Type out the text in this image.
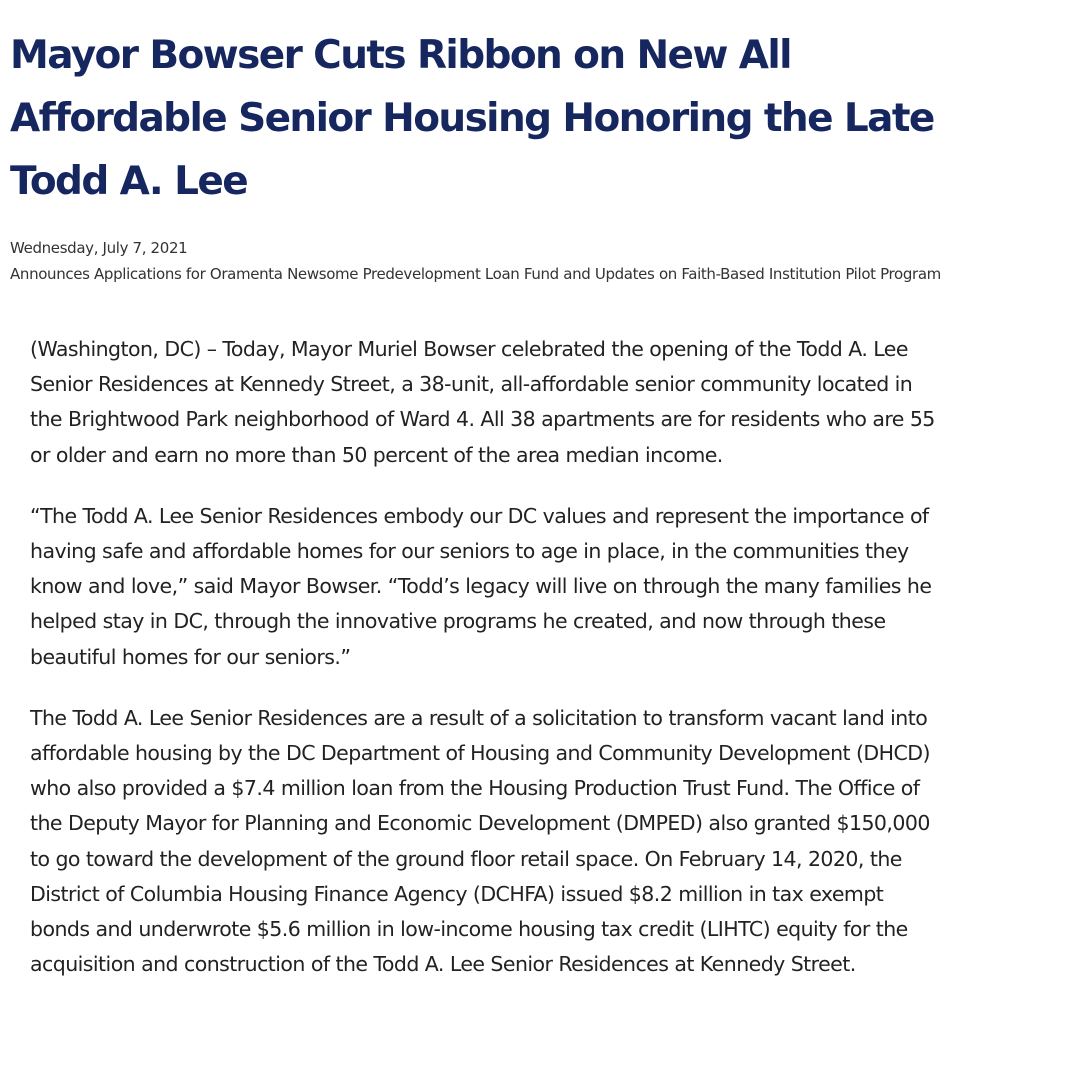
Mayor Bowser Cuts Ribbon on New All Affordable Senior Housing Honoring the Late Todd A. Lee
Wednesday, July 7, 2021
Announces Applications for Oramenta Newsome Predevelopment Loan Fund and Updates on Faith-Based Institution Pilot Program

(Washington, DC) – Today, Mayor Muriel Bowser celebrated the opening of the Todd A. Lee Senior Residences at Kennedy Street, a 38-unit, all-affordable senior community located in the Brightwood Park neighborhood of Ward 4. All 38 apartments are for residents who are 55 or older and earn no more than 50 percent of the area median income.

“The Todd A. Lee Senior Residences embody our DC values and represent the importance of having safe and affordable homes for our seniors to age in place, in the communities they know and love,” said Mayor Bowser. “Todd’s legacy will live on through the many families he helped stay in DC, through the innovative programs he created, and now through these beautiful homes for our seniors.”

The Todd A. Lee Senior Residences are a result of a solicitation to transform vacant land into affordable housing by the DC Department of Housing and Community Development (DHCD) who also provided a $7.4 million loan from the Housing Production Trust Fund. The Office of the Deputy Mayor for Planning and Economic Development (DMPED) also granted $150,000 to go toward the development of the ground floor retail space. On February 14, 2020, the District of Columbia Housing Finance Agency (DCHFA) issued $8.2 million in tax exempt bonds and underwrote $5.6 million in low-income housing tax credit (LIHTC) equity for the acquisition and construction of the Todd A. Lee Senior Residences at Kennedy Street.
